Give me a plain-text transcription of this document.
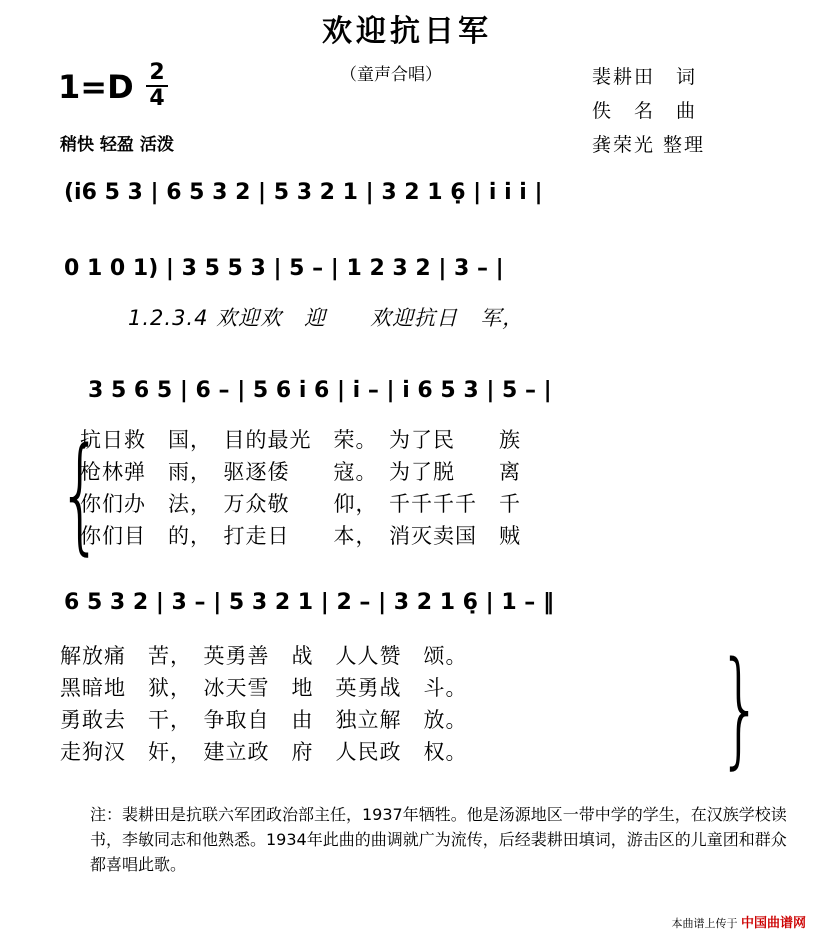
欢迎抗日军
（童声合唱）
1=D 2
4
稍快 轻盈 活泼
裴耕田　词
佚　名　曲
龚荣光 整理
(i̇6 5 3 | 6 5 3 2 | 5 3 2 1 | 3 2 1 6̣ | i̇ i̇ i̇ |
0 1 0 1) | 3 5 5 3 | 5 – | 1 2 3 2 | 3 – |
1.2.3.4 欢迎欢　迎　　欢迎抗日　军，
3 5 6 5 | 6 – | 5 6 i̇ 6 | i̇ – | i̇ 6 5 3 | 5 – |
{
抗日救　国，　目的最光　荣。　为了民　　族
枪林弹　雨，　驱逐倭　　寇。　为了脱　　离
你们办　法，　万众敬　　仰，　千千千千　千
你们目　的，　打走日　　本，　消灭卖国　贼
6 5 3 2 | 3 – | 5 3 2 1 | 2 – | 3 2 1 6̣ | 1 – ‖
解放痛　苦，　英勇善　战　人人赞　颂。
黑暗地　狱，　冰天雪　地　英勇战　斗。
勇敢去　干，　争取自　由　独立解　放。
走狗汉　奸，　建立政　府　人民政　权。	}
注：裴耕田是抗联六军团政治部主任，1937年牺牲。他是汤源地区一带中学的学生，在汉族学校读书，李敏同志和他熟悉。1934年此曲的曲调就广为流传，后经裴耕田填词，游击区的儿童团和群众都喜唱此歌。
本曲谱上传于 中国曲谱网
